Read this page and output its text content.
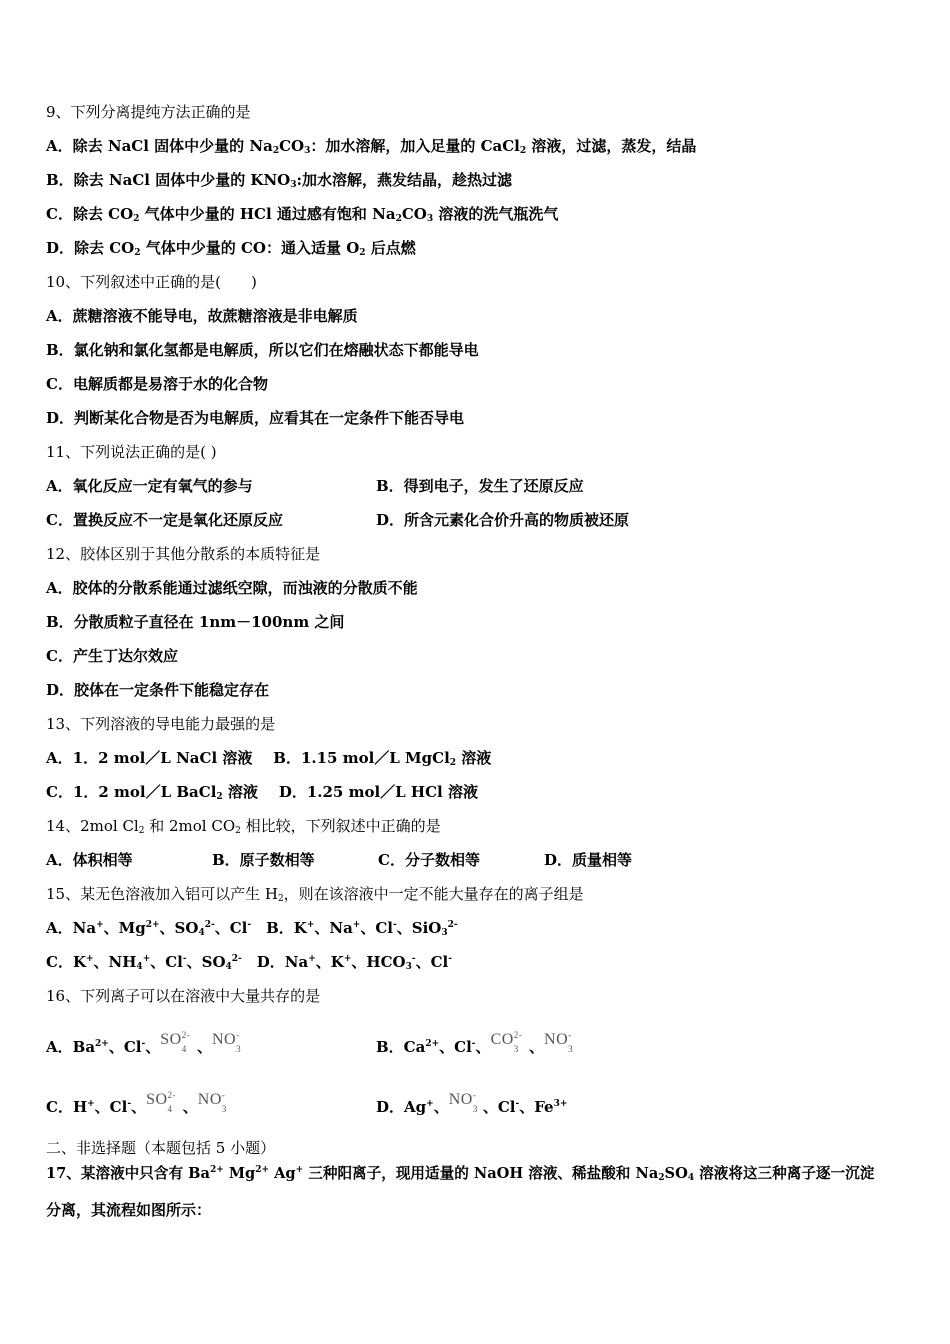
9、下列分离提纯方法正确的是
A．除去 NaCl 固体中少量的 $Na_2CO_3$：加水溶解，加入足量的 CaCl$_2$ 溶液，过滤，蒸发，结晶
B．除去 NaCl 固体中少量的 $KNO_3$:加水溶解，燕发结晶，趁热过滤
C．除去 $CO_2$ 气体中少量的 HCl 通过感有饱和 $Na_2CO_3$ 溶液的洗气瓶洗气
D．除去 $CO_2$ 气体中少量的 CO：通入适量 $O_2$ 后点燃
10、下列叙述中正确的是(　　)
A．蔗糖溶液不能导电，故蔗糖溶液是非电解质
B．氯化钠和氯化氢都是电解质，所以它们在熔融状态下都能导电
C．电解质都是易溶于水的化合物
D．判断某化合物是否为电解质，应看其在一定条件下能否导电
11、下列说法正确的是( )
A．氧化反应一定有氧气的参与	B．得到电子，发生了还原反应
C．置换反应不一定是氧化还原反应	D．所含元素化合价升高的物质被还原
12、胶体区别于其他分散系的本质特征是
A．胶体的分散系能通过滤纸空隙，而浊液的分散质不能
B．分散质粒子直径在 1nm－100nm 之间
C．产生丁达尔效应
D．胶体在一定条件下能稳定存在
13、下列溶液的导电能力最强的是
A．1．2 mol／L NaCl 溶液 B．1.15 mol／L MgCl$_2$ 溶液
C．1．2 mol／L BaCl$_2$ 溶液 D．1.25 mol／L HCl 溶液
14、2mol $Cl_2$ 和 2mol $CO_2$ 相比较，下列叙述中正确的是
A．体积相等	B．原子数相等	C．分子数相等	D．质量相等
15、某无色溶液加入铝可以产生 $H_2$，则在该溶液中一定不能大量存在的离子组是
A．Na+、$Mg^{2+}$、$SO_4^{2-}$、Cl-　B．K+、Na+、Cl-、SiO$_3^{2-}$
C．K+、$NH_4^+$、Cl-、$SO_4^{2-}$　D．Na+、K+、$HCO_3^-$、Cl-
16、下列离子可以在溶液中大量共存的是
A．$Ba^{2+}$、Cl-、SO 2-
4 、NO -
3	B．$Ca^{2+}$、Cl-、CO 2-
3 、NO -
3
C．H+、Cl-、SO 2-
4 、NO -
3	D．Ag+、NO -
3 、Cl-、$Fe^{3+}$
二、非选择题（本题包括 5 小题）
17、某溶液中只含有 $Ba^{2+}$ $Mg^{2+}$ Ag+ 三种阳离子，现用适量的 NaOH 溶液、稀盐酸和 $Na_2SO_4$ 溶液将这三种离子逐一沉淀
分离，其流程如图所示：
